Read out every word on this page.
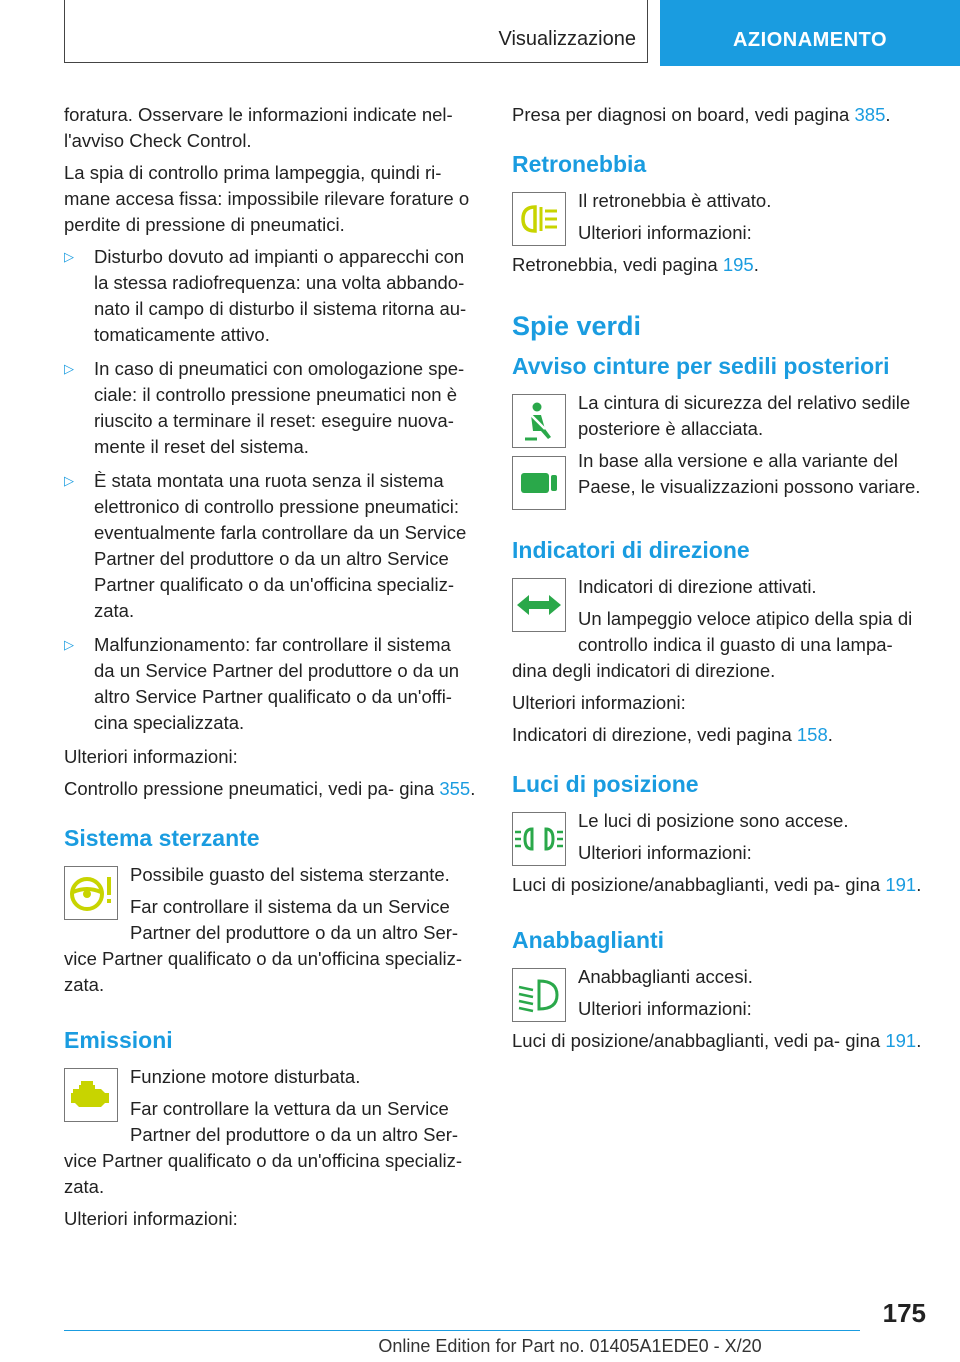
Visualizzazione	AZIONAMENTO

foratura. Osservare le informazioni indicate nel- l'avviso Check Control.

La spia di controllo prima lampeggia, quindi ri- mane accesa fissa: impossibile rilevare forature o perdite di pressione di pneumatici.

▷ Disturbo dovuto ad impianti o apparecchi con la stessa radiofrequenza: una volta abbando- nato il campo di disturbo il sistema ritorna au- tomaticamente attivo.
▷ In caso di pneumatici con omologazione spe- ciale: il controllo pressione pneumatici non è riuscito a terminare il reset: eseguire nuova- mente il reset del sistema.
▷ È stata montata una ruota senza il sistema elettronico di controllo pressione pneumatici: eventualmente farla controllare da un Service Partner del produttore o da un altro Service Partner qualificato o da un'officina specializ- zata.
▷ Malfunzionamento: far controllare il sistema da un Service Partner del produttore o da un altro Service Partner qualificato o da un'offi- cina specializzata.

Ulteriori informazioni:

Controllo pressione pneumatici, vedi pa- gina 355.

Sistema sterzante

Possibile guasto del sistema sterzante.

Far controllare il sistema da un Service Partner del produttore o da un altro Ser- vice Partner qualificato o da un'officina specializ- zata.

Emissioni

Funzione motore disturbata.

Far controllare la vettura da un Service Partner del produttore o da un altro Ser- vice Partner qualificato o da un'officina specializ- zata.

Ulteriori informazioni:

Presa per diagnosi on board, vedi pagina 385.

Retronebbia

Il retronebbia è attivato.

Ulteriori informazioni:

Retronebbia, vedi pagina 195.

Spie verdi
Avviso cinture per sedili posteriori

La cintura di sicurezza del relativo sedile posteriore è allacciata.

In base alla versione e alla variante del Paese, le visualizzazioni possono variare.

Indicatori di direzione

Indicatori di direzione attivati.

Un lampeggio veloce atipico della spia di controllo indica il guasto di una lampa- dina degli indicatori di direzione.

Ulteriori informazioni:

Indicatori di direzione, vedi pagina 158.

Luci di posizione

Le luci di posizione sono accese.

Ulteriori informazioni:

Luci di posizione/anabbaglianti, vedi pa- gina 191.

Anabbaglianti

Anabbaglianti accesi.

Ulteriori informazioni:

Luci di posizione/anabbaglianti, vedi pa- gina 191.

175
Online Edition for Part no. 01405A1EDE0 - X/20
